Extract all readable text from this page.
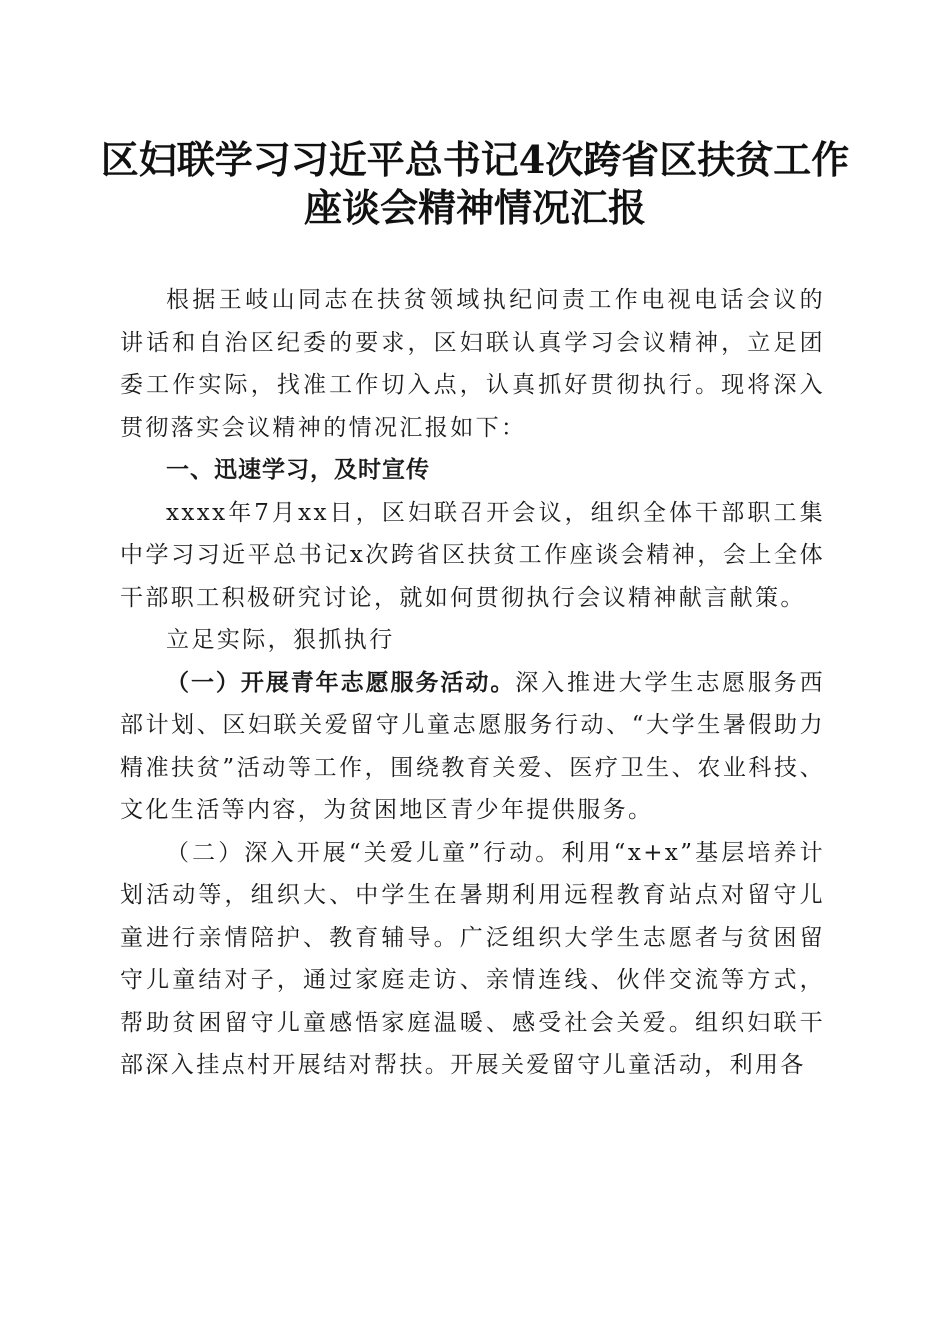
区妇联学习习近平总书记4次跨省区扶贫工作
座谈会精神情况汇报

根据王岐山同志在扶贫领域执纪问责工作电视电话会议的讲话和自治区纪委的要求，区妇联认真学习会议精神，立足团委工作实际，找准工作切入点，认真抓好贯彻执行。现将深入贯彻落实会议精神的情况汇报如下：

一、迅速学习，及时宣传

xxxx年7月xx日，区妇联召开会议，组织全体干部职工集中学习习近平总书记x次跨省区扶贫工作座谈会精神，会上全体干部职工积极研究讨论，就如何贯彻执行会议精神献言献策。

立足实际，狠抓执行

（一）开展青年志愿服务活动。深入推进大学生志愿服务西部计划、区妇联关爱留守儿童志愿服务行动、“大学生暑假助力精准扶贫”活动等工作，围绕教育关爱、医疗卫生、农业科技、文化生活等内容，为贫困地区青少年提供服务。

（二）深入开展“关爱儿童”行动。利用“x+x”基层培养计划活动等，组织大、中学生在暑期利用远程教育站点对留守儿童进行亲情陪护、教育辅导。广泛组织大学生志愿者与贫困留守儿童结对子，通过家庭走访、亲情连线、伙伴交流等方式，帮助贫困留守儿童感悟家庭温暖、感受社会关爱。组织妇联干部深入挂点村开展结对帮扶。开展关爱留守儿童活动，利用各
